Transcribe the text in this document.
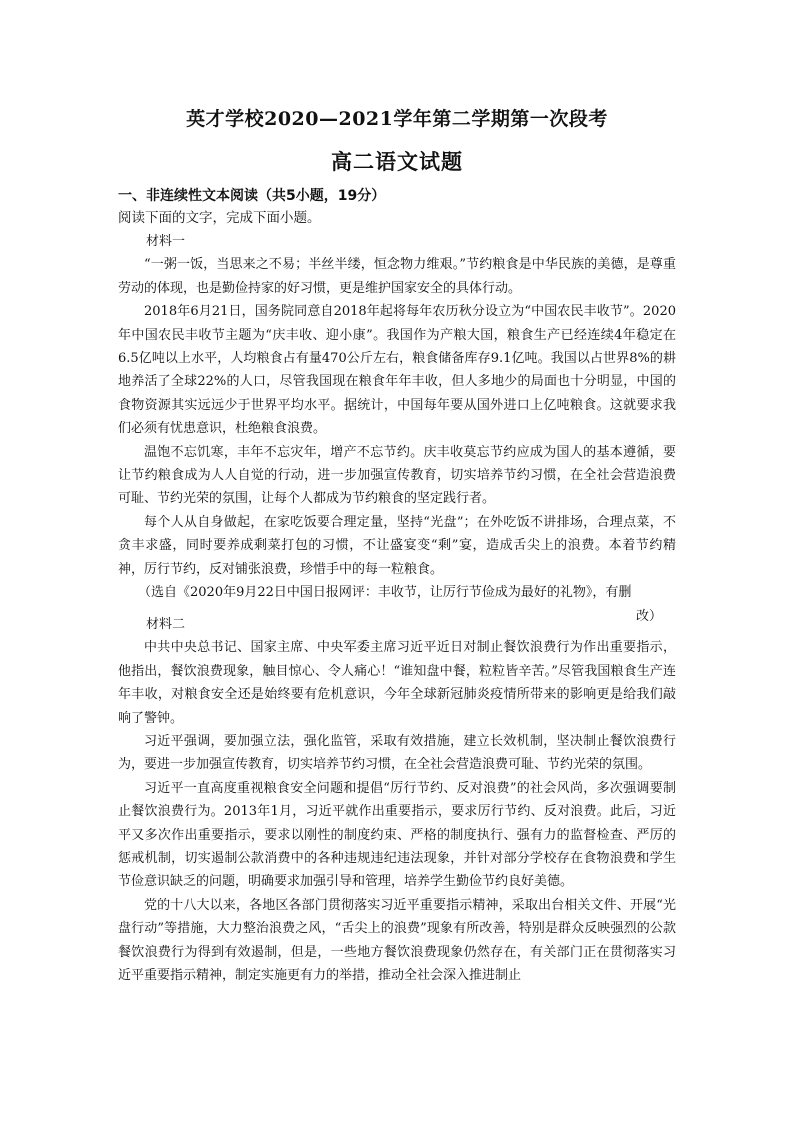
英才学校2020—2021学年第二学期第一次段考
高二语文试题
一、非连续性文本阅读（共5小题，19分）
阅读下面的文字，完成下面小题。

材料一

“一粥一饭，当思来之不易；半丝半缕，恒念物力维艰。”节约粮食是中华民族的美德，是尊重劳动的体现，也是勤俭持家的好习惯，更是维护国家安全的具体行动。

2018年6月21日，国务院同意自2018年起将每年农历秋分设立为“中国农民丰收节”。2020年中国农民丰收节主题为“庆丰收、迎小康”。我国作为产粮大国，粮食生产已经连续4年稳定在6.5亿吨以上水平，人均粮食占有量470公斤左右，粮食储备库存9.1亿吨。我国以占世界8%的耕地养活了全球22%的人口，尽管我国现在粮食年年丰收，但人多地少的局面也十分明显，中国的食物资源其实远远少于世界平均水平。据统计，中国每年要从国外进口上亿吨粮食。这就要求我们必须有忧患意识，杜绝粮食浪费。

温饱不忘饥寒，丰年不忘灾年，增产不忘节约。庆丰收莫忘节约应成为国人的基本遵循，要让节约粮食成为人人自觉的行动，进一步加强宣传教育，切实培养节约习惯，在全社会营造浪费可耻、节约光荣的氛围，让每个人都成为节约粮食的坚定践行者。

每个人从自身做起，在家吃饭要合理定量，坚持“光盘”；在外吃饭不讲排场，合理点菜，不贪丰求盛，同时要养成剩菜打包的习惯，不让盛宴变“剩”宴，造成舌尖上的浪费。本着节约精神，厉行节约，反对铺张浪费，珍惜手中的每一粒粮食。

（选自《2020年9月22日中国日报网评：丰收节，让厉行节俭成为最好的礼物》，有删

改）

材料二

中共中央总书记、国家主席、中央军委主席习近平近日对制止餐饮浪费行为作出重要指示，他指出，餐饮浪费现象，触目惊心、令人痛心！“谁知盘中餐，粒粒皆辛苦。”尽管我国粮食生产连年丰收，对粮食安全还是始终要有危机意识，今年全球新冠肺炎疫情所带来的影响更是给我们敲响了警钟。

习近平强调，要加强立法，强化监管，采取有效措施，建立长效机制，坚决制止餐饮浪费行为，要进一步加强宣传教育，切实培养节约习惯，在全社会营造浪费可耻、节约光荣的氛围。

习近平一直高度重视粮食安全问题和提倡“厉行节约、反对浪费”的社会风尚，多次强调要制止餐饮浪费行为。2013年1月，习近平就作出重要指示，要求厉行节约、反对浪费。此后，习近平又多次作出重要指示，要求以刚性的制度约束、严格的制度执行、强有力的监督检查、严厉的惩戒机制，切实遏制公款消费中的各种违规违纪违法现象，并针对部分学校存在食物浪费和学生节俭意识缺乏的问题，明确要求加强引导和管理，培养学生勤俭节约良好美德。

党的十八大以来，各地区各部门贯彻落实习近平重要指示精神，采取出台相关文件、开展“光盘行动”等措施，大力整治浪费之风，“舌尖上的浪费”现象有所改善，特别是群众反映强烈的公款餐饮浪费行为得到有效遏制，但是，一些地方餐饮浪费现象仍然存在，有关部门正在贯彻落实习近平重要指示精神，制定实施更有力的举措，推动全社会深入推进制止
